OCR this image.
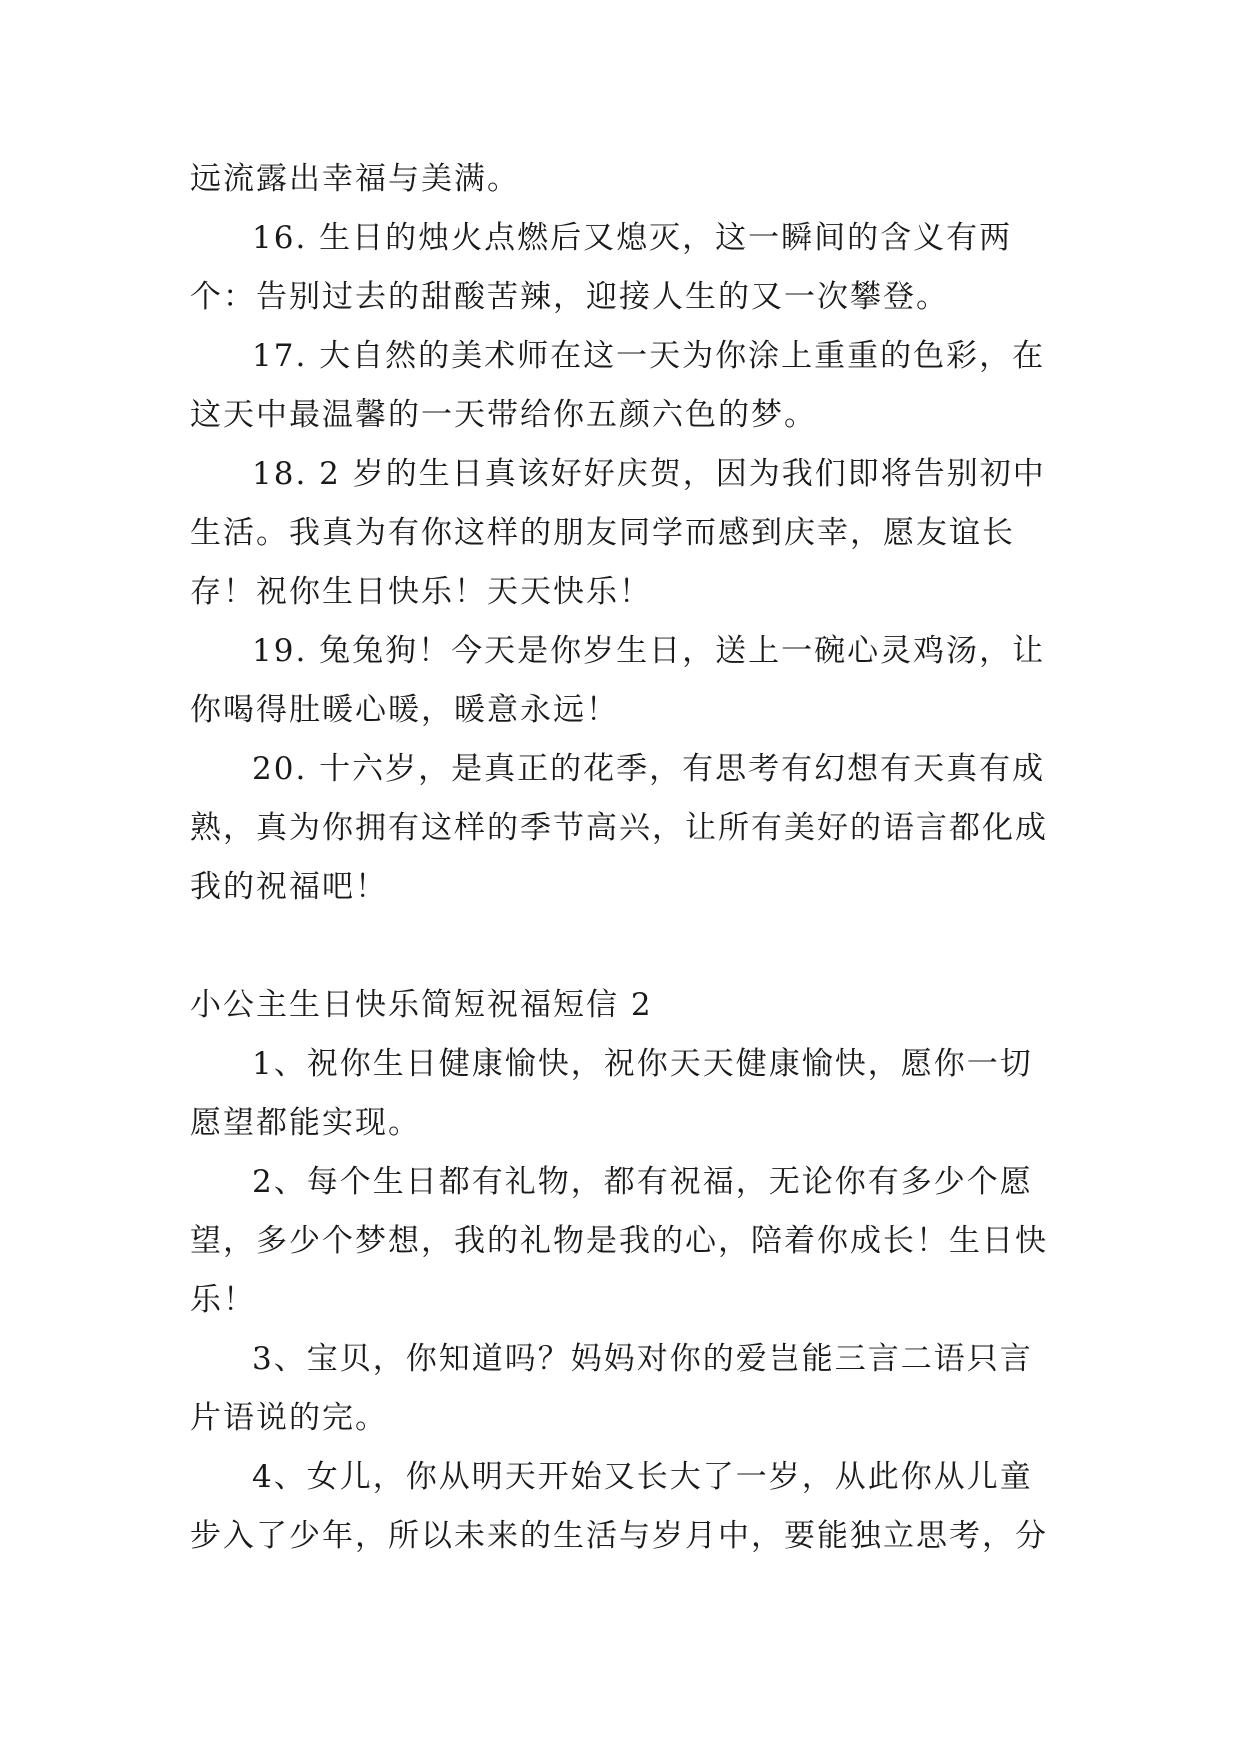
远流露出幸福与美满。

16. 生日的烛火点燃后又熄灭，这一瞬间的含义有两个：告别过去的甜酸苦辣，迎接人生的又一次攀登。

17. 大自然的美术师在这一天为你涂上重重的色彩，在这天中最温馨的一天带给你五颜六色的梦。

18. 2 岁的生日真该好好庆贺，因为我们即将告别初中生活。我真为有你这样的朋友同学而感到庆幸，愿友谊长存！祝你生日快乐！天天快乐！

19. 兔兔狗！今天是你岁生日，送上一碗心灵鸡汤，让你喝得肚暖心暖，暖意永远！

20. 十六岁，是真正的花季，有思考有幻想有天真有成熟，真为你拥有这样的季节高兴，让所有美好的语言都化成我的祝福吧！

小公主生日快乐简短祝福短信 2

1、祝你生日健康愉快，祝你天天健康愉快，愿你一切愿望都能实现。

2、每个生日都有礼物，都有祝福，无论你有多少个愿望，多少个梦想，我的礼物是我的心，陪着你成长！生日快乐！

3、宝贝，你知道吗？妈妈对你的爱岂能三言二语只言片语说的完。

4、女儿，你从明天开始又长大了一岁，从此你从儿童步入了少年，所以未来的生活与岁月中，要能独立思考，分
